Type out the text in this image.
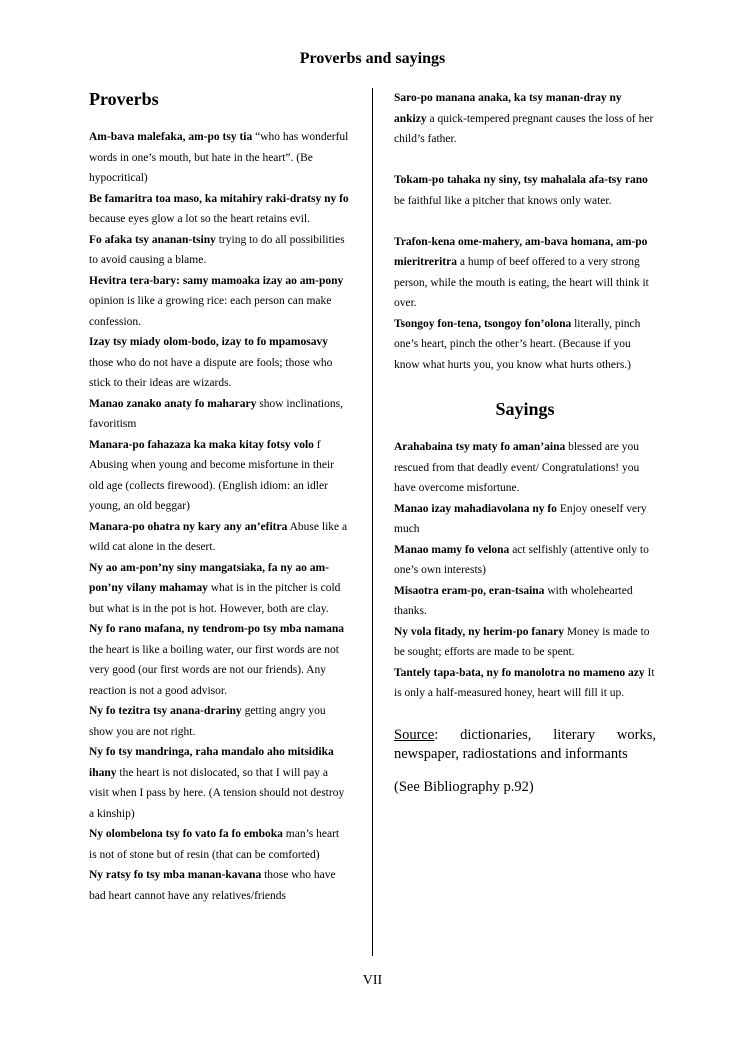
Proverbs and sayings
Proverbs

Am-bava malefaka, am-po tsy tia “who has wonderful words in one’s mouth, but hate in the heart”. (Be hypocritical)

Be famaritra toa maso, ka mitahiry raki-dratsy ny fo because eyes glow a lot so the heart retains evil.

Fo afaka tsy ananan-tsiny trying to do all possibilities to avoid causing a blame.

Hevitra tera-bary: samy mamoaka izay ao am-pony opinion is like a growing rice: each person can make confession.

Izay tsy miady olom-bodo, izay to fo mpamosavy those who do not have a dispute are fools; those who stick to their ideas are wizards.

Manao zanako anaty fo maharary show inclinations, favoritism

Manara-po fahazaza ka maka kitay fotsy volo f Abusing when young and become misfortune in their old age (collects firewood). (English idiom: an idler young, an old beggar)

Manara-po ohatra ny kary any an’efitra Abuse like a wild cat alone in the desert.

Ny ao am-pon’ny siny mangatsiaka, fa ny ao am-pon’ny vilany mahamay what is in the pitcher is cold but what is in the pot is hot. However, both are clay.

Ny fo rano mafana, ny tendrom-po tsy mba namana the heart is like a boiling water, our first words are not very good (our first words are not our friends). Any reaction is not a good advisor.

Ny fo tezitra tsy anana-drariny getting angry you show you are not right.

Ny fo tsy mandringa, raha mandalo aho mitsidika ihany the heart is not dislocated, so that I will pay a visit when I pass by here. (A tension should not destroy a kinship)

Ny olombelona tsy fo vato fa fo emboka man’s heart is not of stone but of resin (that can be comforted)

Ny ratsy fo tsy mba manan-kavana those who have bad heart cannot have any relatives/friends

Saro-po manana anaka, ka tsy manan-dray ny ankizy a quick-tempered pregnant causes the loss of her child’s father.

Tokam-po tahaka ny siny, tsy mahalala afa-tsy rano be faithful like a pitcher that knows only water.

Trafon-kena ome-mahery, am-bava homana, am-po mieritreritra a hump of beef offered to a very strong person, while the mouth is eating, the heart will think it over.

Tsongoy fon-tena, tsongoy fon’olona literally, pinch one’s heart, pinch the other’s heart. (Because if you know what hurts you, you know what hurts others.)

Sayings

Arahabaina tsy maty fo aman’aina blessed are you rescued from that deadly event/ Congratulations! you have overcome misfortune.

Manao izay mahadiavolana ny fo Enjoy oneself very much

Manao mamy fo velona act selfishly (attentive only to one’s own interests)

Misaotra eram-po, eran-tsaina with wholehearted thanks.

Ny vola fitady, ny herim-po fanary Money is made to be sought; efforts are made to be spent.

Tantely tapa-bata, ny fo manolotra no mameno azy It is only a half-measured honey, heart will fill it up.

Source: dictionaries, literary works, newspaper, radiostations and informants

(See Bibliography p.92)

VII
